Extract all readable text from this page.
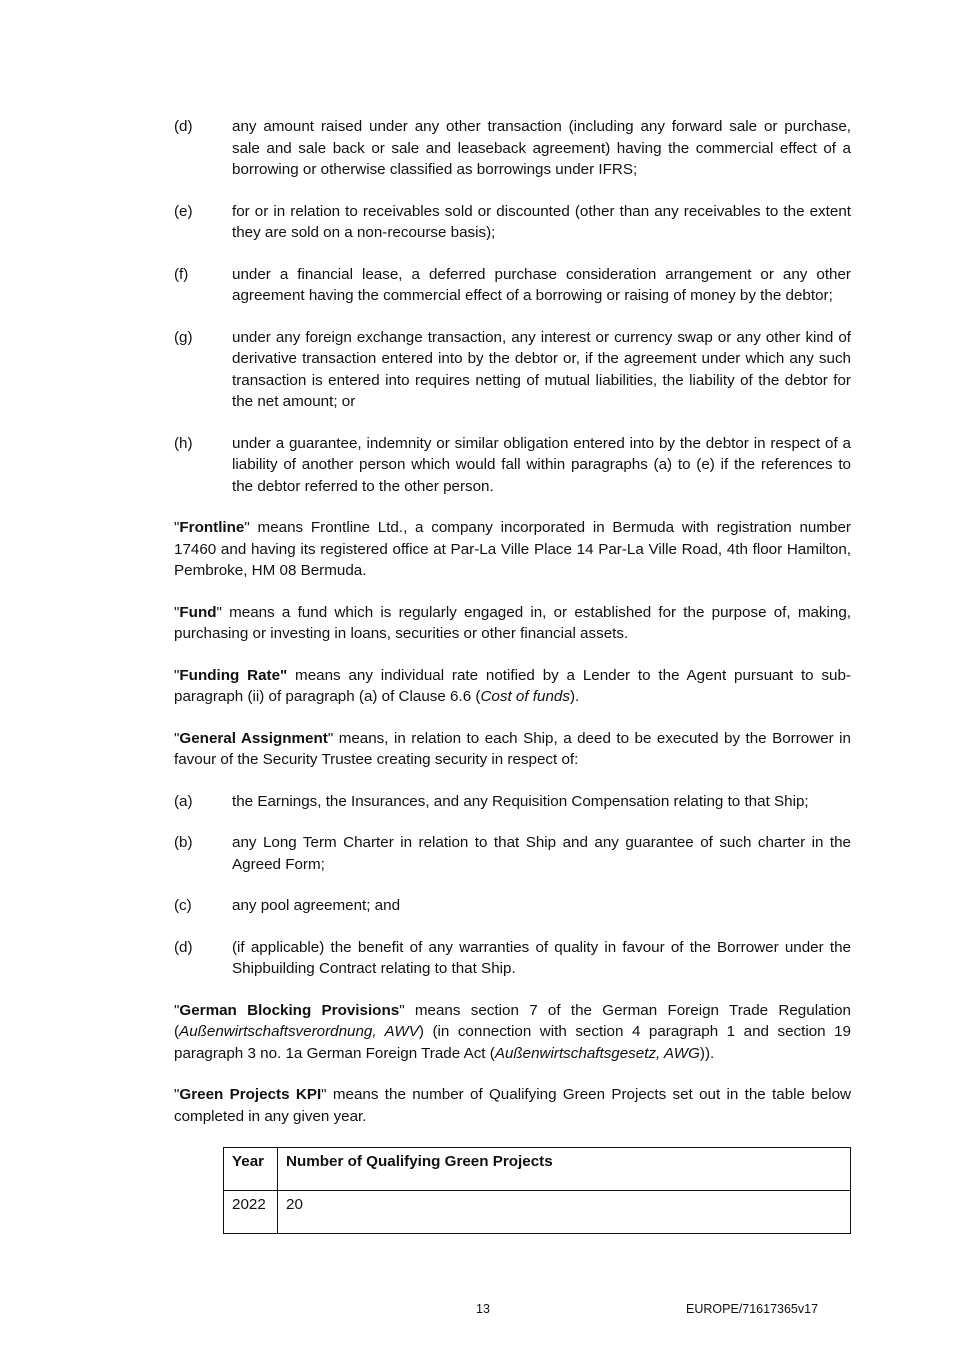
(d)	any amount raised under any other transaction (including any forward sale or purchase, sale and sale back or sale and leaseback agreement) having the commercial effect of a borrowing or otherwise classified as borrowings under IFRS;
(e)	for or in relation to receivables sold or discounted (other than any receivables to the extent they are sold on a non-recourse basis);
(f)	under a financial lease, a deferred purchase consideration arrangement or any other agreement having the commercial effect of a borrowing or raising of money by the debtor;
(g)	under any foreign exchange transaction, any interest or currency swap or any other kind of derivative transaction entered into by the debtor or, if the agreement under which any such transaction is entered into requires netting of mutual liabilities, the liability of the debtor for the net amount; or
(h)	under a guarantee, indemnity or similar obligation entered into by the debtor in respect of a liability of another person which would fall within paragraphs (a) to (e) if the references to the debtor referred to the other person.
"Frontline" means Frontline Ltd., a company incorporated in Bermuda with registration number 17460 and having its registered office at Par-La Ville Place 14 Par-La Ville Road, 4th floor Hamilton, Pembroke, HM 08 Bermuda.
"Fund" means a fund which is regularly engaged in, or established for the purpose of, making, purchasing or investing in loans, securities or other financial assets.
"Funding Rate" means any individual rate notified by a Lender to the Agent pursuant to sub-paragraph (ii) of paragraph (a) of Clause 6.6 (Cost of funds).
"General Assignment" means, in relation to each Ship, a deed to be executed by the Borrower in favour of the Security Trustee creating security in respect of:
(a)	the Earnings, the Insurances, and any Requisition Compensation relating to that Ship;
(b)	any Long Term Charter in relation to that Ship and any guarantee of such charter in the Agreed Form;
(c)	any pool agreement; and
(d)	(if applicable) the benefit of any warranties of quality in favour of the Borrower under the Shipbuilding Contract relating to that Ship.
"German Blocking Provisions" means section 7 of the German Foreign Trade Regulation (Außenwirtschaftsverordnung, AWV) (in connection with section 4 paragraph 1 and section 19 paragraph 3 no. 1a German Foreign Trade Act (Außenwirtschaftsgesetz, AWG)).
"Green Projects KPI" means the number of Qualifying Green Projects set out in the table below completed in any given year.
Year	Number of Qualifying Green Projects
2022	20
13	EUROPE/71617365v17
